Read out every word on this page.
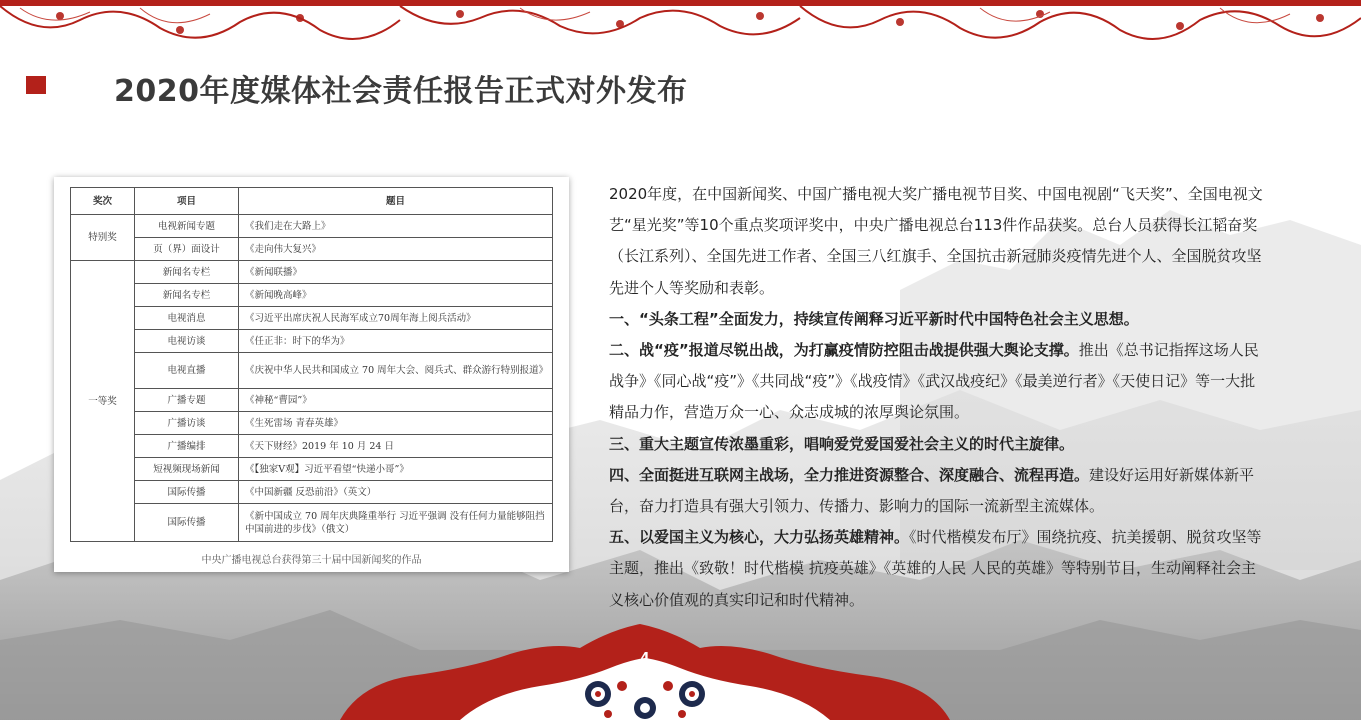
2020年度媒体社会责任报告正式对外发布
奖次	项目	题目
特别奖	电视新闻专题	《我们走在大路上》
	页（界）面设计	《走向伟大复兴》
一等奖	新闻名专栏	《新闻联播》
	新闻名专栏	《新闻晚高峰》
	电视消息	《习近平出席庆祝人民海军成立70周年海上阅兵活动》
	电视访谈	《任正非：时下的华为》
	电视直播	《庆祝中华人民共和国成立 70 周年大会、阅兵式、群众游行特别报道》
	广播专题	《神秘“曹园”》
	广播访谈	《生死雷场 青春英雄》
	广播编排	《天下财经》2019 年 10 月 24 日
	短视频现场新闻	《【独家V观】习近平看望“快递小哥”》
	国际传播	《中国新疆 反恐前沿》（英文）
	国际传播	《新中国成立 70 周年庆典隆重举行 习近平强调 没有任何力量能够阻挡中国前进的步伐》（俄文）
中央广播电视总台获得第三十届中国新闻奖的作品

2020年度，在中国新闻奖、中国广播电视大奖广播电视节目奖、中国电视剧“飞天奖”、全国电视文艺“星光奖”等10个重点奖项评奖中，中央广播电视总台113件作品获奖。总台人员获得长江韬奋奖（长江系列）、全国先进工作者、全国三八红旗手、全国抗击新冠肺炎疫情先进个人、全国脱贫攻坚先进个人等奖励和表彰。

一、“头条工程”全面发力，持续宣传阐释习近平新时代中国特色社会主义思想。

二、战“疫”报道尽锐出战，为打赢疫情防控阻击战提供强大舆论支撑。推出《总书记指挥这场人民战争》《同心战“疫”》《共同战“疫”》《战疫情》《武汉战疫纪》《最美逆行者》《天使日记》等一大批精品力作，营造万众一心、众志成城的浓厚舆论氛围。

三、重大主题宣传浓墨重彩，唱响爱党爱国爱社会主义的时代主旋律。

四、全面挺进互联网主战场，全力推进资源整合、深度融合、流程再造。建设好运用好新媒体新平台，奋力打造具有强大引领力、传播力、影响力的国际一流新型主流媒体。

五、以爱国主义为核心，大力弘扬英雄精神。《时代楷模发布厅》围绕抗疫、抗美援朝、脱贫攻坚等主题，推出《致敬！时代楷模 抗疫英雄》《英雄的人民 人民的英雄》等特别节目，生动阐释社会主义核心价值观的真实印记和时代精神。

4
